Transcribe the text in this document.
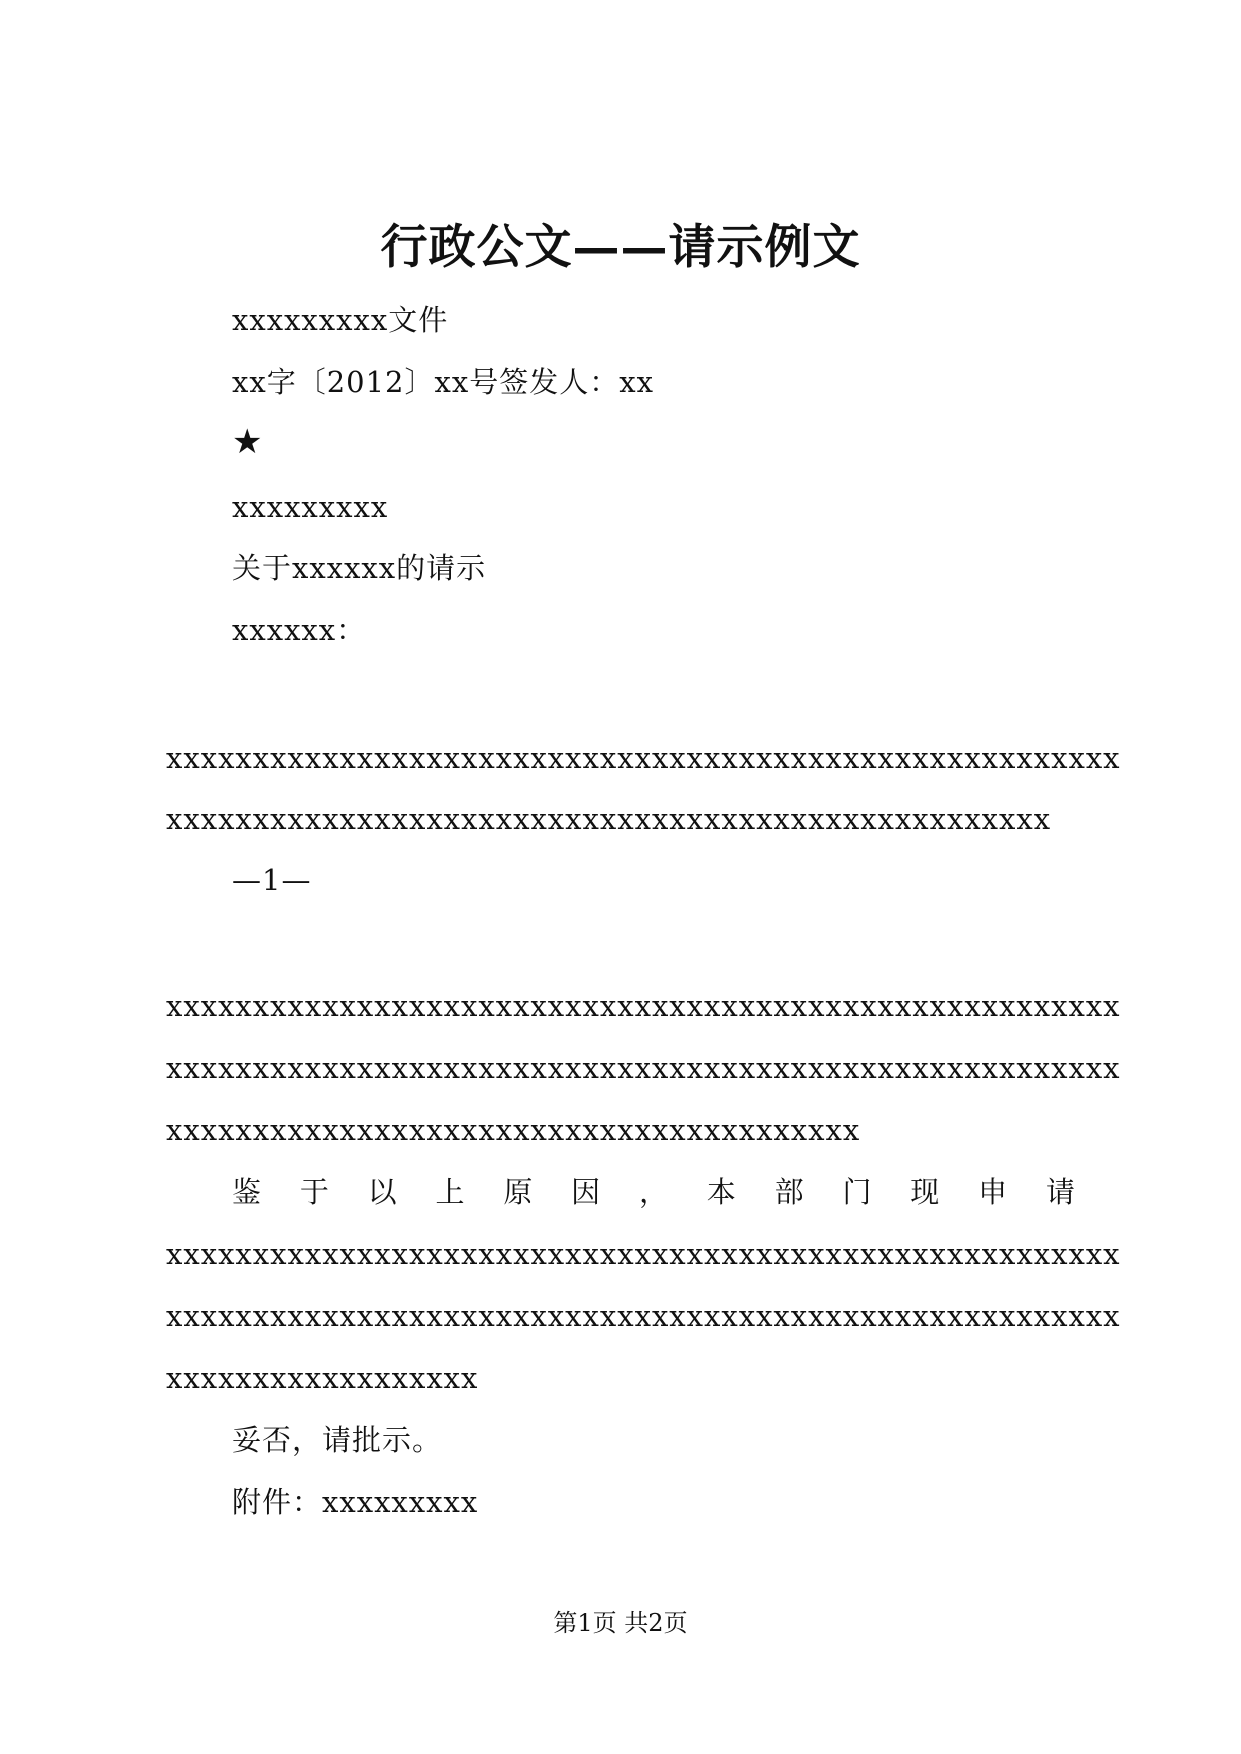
行政公文——请示例文
xxxxxxxxx文件
xx字〔2012〕xx号签发人：xx
★
xxxxxxxxx
关于xxxxxx的请示
xxxxxx：
xxxxxxxxxxxxxxxxxxxxxxxxxxxxxxxxxxxxxxxxxxxxxxxxxxxxxxx
xxxxxxxxxxxxxxxxxxxxxxxxxxxxxxxxxxxxxxxxxxxxxxxxxxx
—1—
xxxxxxxxxxxxxxxxxxxxxxxxxxxxxxxxxxxxxxxxxxxxxxxxxxxxxxx
xxxxxxxxxxxxxxxxxxxxxxxxxxxxxxxxxxxxxxxxxxxxxxxxxxxxxxx
xxxxxxxxxxxxxxxxxxxxxxxxxxxxxxxxxxxxxxxx
鉴 于 以 上 原 因 ， 本 部 门 现 申 请
xxxxxxxxxxxxxxxxxxxxxxxxxxxxxxxxxxxxxxxxxxxxxxxxxxxxxxx
xxxxxxxxxxxxxxxxxxxxxxxxxxxxxxxxxxxxxxxxxxxxxxxxxxxxxxx
xxxxxxxxxxxxxxxxxx
妥否，请批示。
附件：xxxxxxxxx
第1页 共2页
